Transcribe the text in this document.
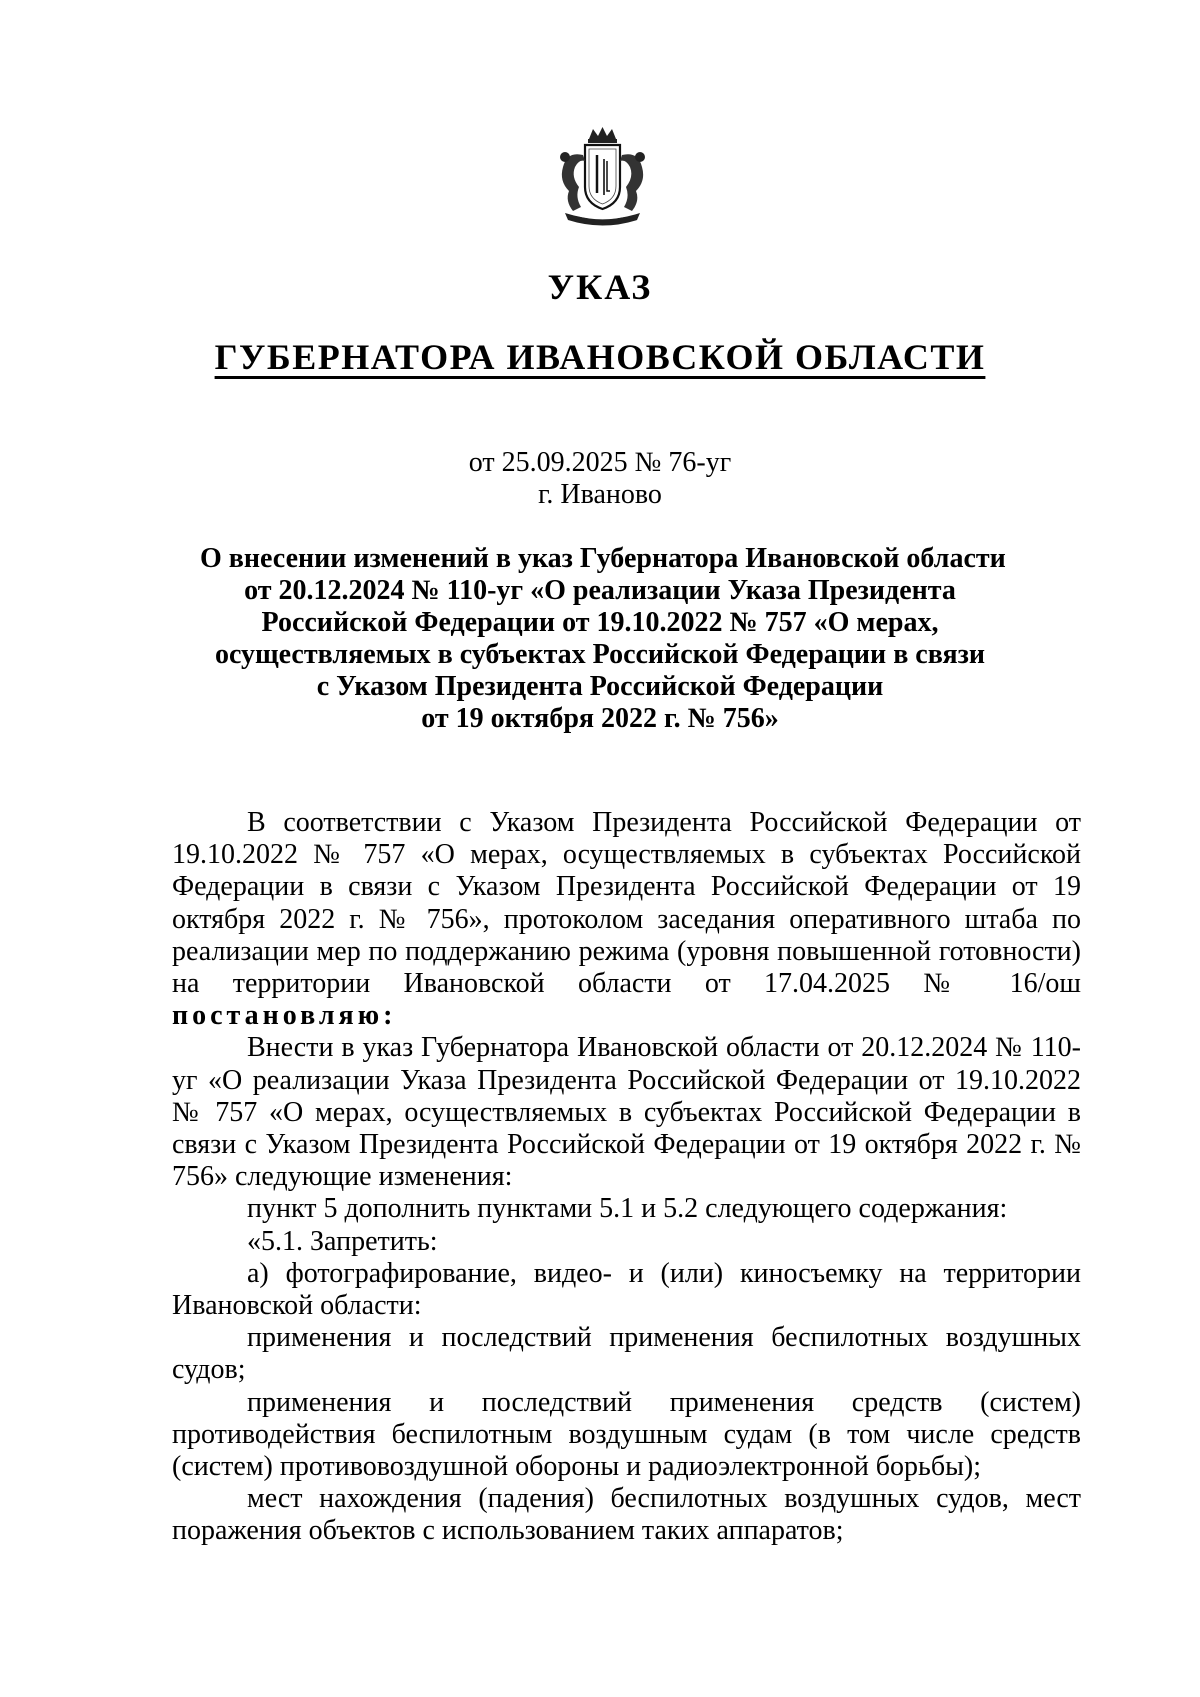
УКАЗ
ГУБЕРНАТОРА ИВАНОВСКОЙ ОБЛАСТИ
от 25.09.2025 № 76-уг
г. Иваново
О внесении изменений в указ Губернатора Ивановской области
от 20.12.2024 № 110-уг «О реализации Указа Президента
Российской Федерации от 19.10.2022 № 757 «О мерах,
осуществляемых в субъектах Российской Федерации в связи
с Указом Президента Российской Федерации
от 19 октября 2022 г. № 756»

В соответствии с Указом Президента Российской Федерации от 19.10.2022 № 757 «О мерах, осуществляемых в субъектах Российской Федерации в связи с Указом Президента Российской Федерации от 19 октября 2022 г. № 756», протоколом заседания оперативного штаба по реализации мер по поддержанию режима (уровня повышенной готовности) на территории Ивановской области от 17.04.2025 № 16/ош постановляю:

Внести в указ Губернатора Ивановской области от 20.12.2024 № 110-уг «О реализации Указа Президента Российской Федерации от 19.10.2022 № 757 «О мерах, осуществляемых в субъектах Российской Федерации в связи с Указом Президента Российской Федерации от 19 октября 2022 г. № 756» следующие изменения:

пункт 5 дополнить пунктами 5.1 и 5.2 следующего содержания:

«5.1. Запретить:

а) фотографирование, видео- и (или) киносъемку на территории Ивановской области:

применения и последствий применения беспилотных воздушных судов;

применения и последствий применения средств (систем) противодействия беспилотным воздушным судам (в том числе средств (систем) противовоздушной обороны и радиоэлектронной борьбы);

мест нахождения (падения) беспилотных воздушных судов, мест поражения объектов с использованием таких аппаратов;
